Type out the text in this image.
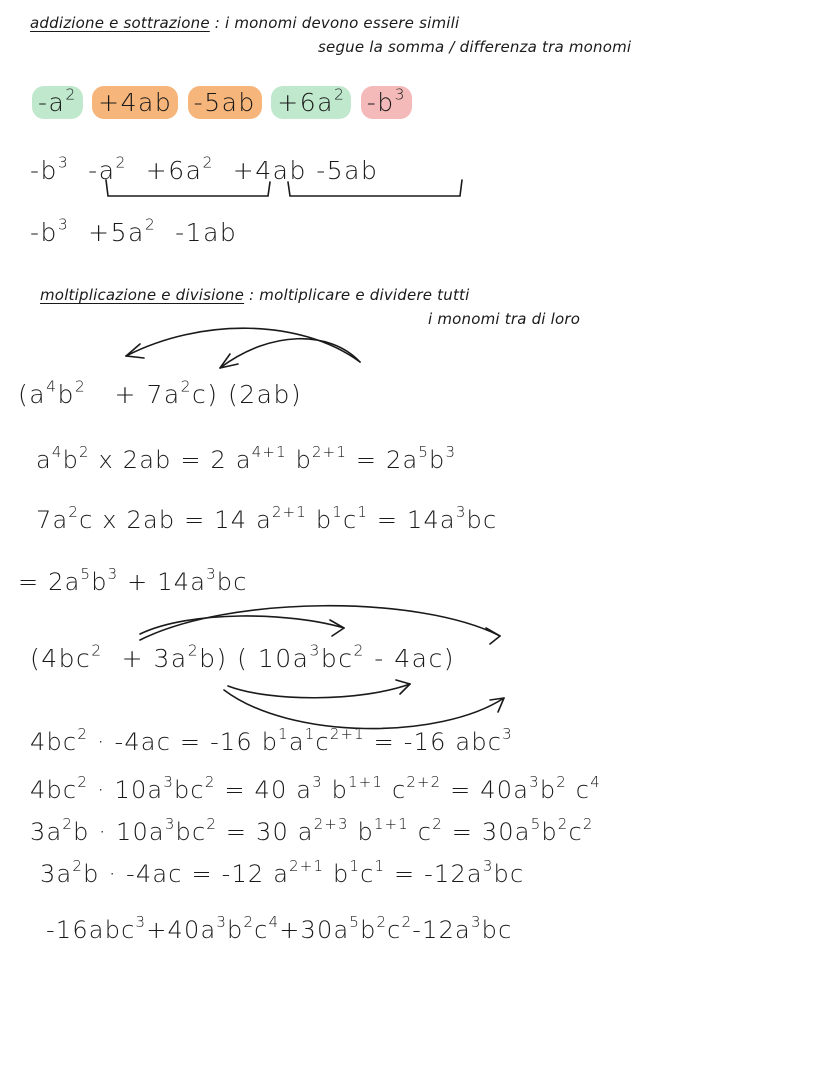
addizione e sottrazione : i monomi devono essere simili
segue la somma / differenza tra monomi
$-a^2 +4ab$ $-5ab +6a^2$ $-b^3$
$-b^3$ $-a^2 +6a^2 +4ab$ -5ab
$-b^3 +5a^2$ -1ab
moltiplicazione e divisione : moltiplicare e dividere tutti
i monomi tra di loro
$(a^4b^2 + 7a^2c)$ (2ab)
$a^4b^2$ x 2ab = 2 $a^{4+1}$ $b^{2+1} = 2a^5b^3$
$7a^2c$ x 2ab = 14 $a^{2+1}$ $b^1c^1 = 14a^3bc$
= $2a^5b^3 + 14a^3bc$
$(4bc^2 + 3a^2b)$ ( $10a^3bc^2 - 4ac$)
$4bc^2 \cdot -4ac = -16$ $b^1a^1c^{2+1} = -16$ abc$^3$
$4bc^2 \cdot 10a^3bc^2 = 40$ $a^3$ $b^{1+1}$ $c^{2+2} = 40a^3b^2$ $c^4$
$3a^2b \cdot 10a^3bc^2 = 30$ $a^{2+3}$ $b^{1+1}$ $c^2 = 30a^5b^2c^2$
$3a^2b \cdot -4ac = -12$ $a^{2+1}$ $b^1c^1 = -12a^3bc$
$-16abc^3+40a^3b^2c^4+30a^5b^2c^2-12a^3bc$
